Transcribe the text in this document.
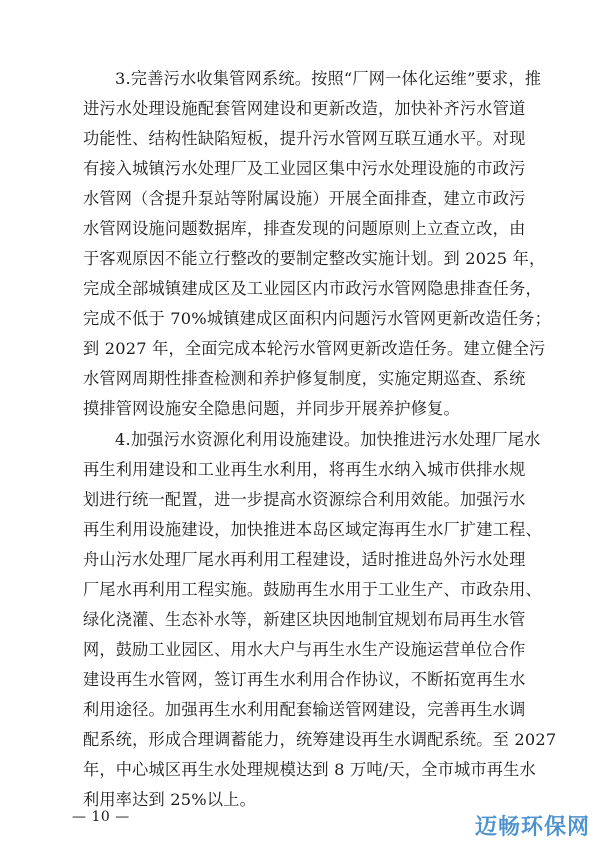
3.完善污水收集管网系统。按照“厂网一体化运维”要求，推
进污水处理设施配套管网建设和更新改造，加快补齐污水管道
功能性、结构性缺陷短板，提升污水管网互联互通水平。对现
有接入城镇污水处理厂及工业园区集中污水处理设施的市政污
水管网（含提升泵站等附属设施）开展全面排查，建立市政污
水管网设施问题数据库，排查发现的问题原则上立查立改，由
于客观原因不能立行整改的要制定整改实施计划。到 2025 年，
完成全部城镇建成区及工业园区内市政污水管网隐患排查任务，
完成不低于 70%城镇建成区面积内问题污水管网更新改造任务；
到 2027 年，全面完成本轮污水管网更新改造任务。建立健全污
水管网周期性排查检测和养护修复制度，实施定期巡查、系统
摸排管网设施安全隐患问题，并同步开展养护修复。
4.加强污水资源化利用设施建设。加快推进污水处理厂尾水
再生利用建设和工业再生水利用，将再生水纳入城市供排水规
划进行统一配置，进一步提高水资源综合利用效能。加强污水
再生利用设施建设，加快推进本岛区域定海再生水厂扩建工程、
舟山污水处理厂尾水再利用工程建设，适时推进岛外污水处理
厂尾水再利用工程实施。鼓励再生水用于工业生产、市政杂用、
绿化浇灌、生态补水等，新建区块因地制宜规划布局再生水管
网，鼓励工业园区、用水大户与再生水生产设施运营单位合作
建设再生水管网，签订再生水利用合作协议，不断拓宽再生水
利用途径。加强再生水利用配套输送管网建设，完善再生水调
配系统，形成合理调蓄能力，统筹建设再生水调配系统。至 2027
年，中心城区再生水处理规模达到 8 万吨/天，全市城市再生水
利用率达到 25%以上。
— 10 —	迈畅环保网
